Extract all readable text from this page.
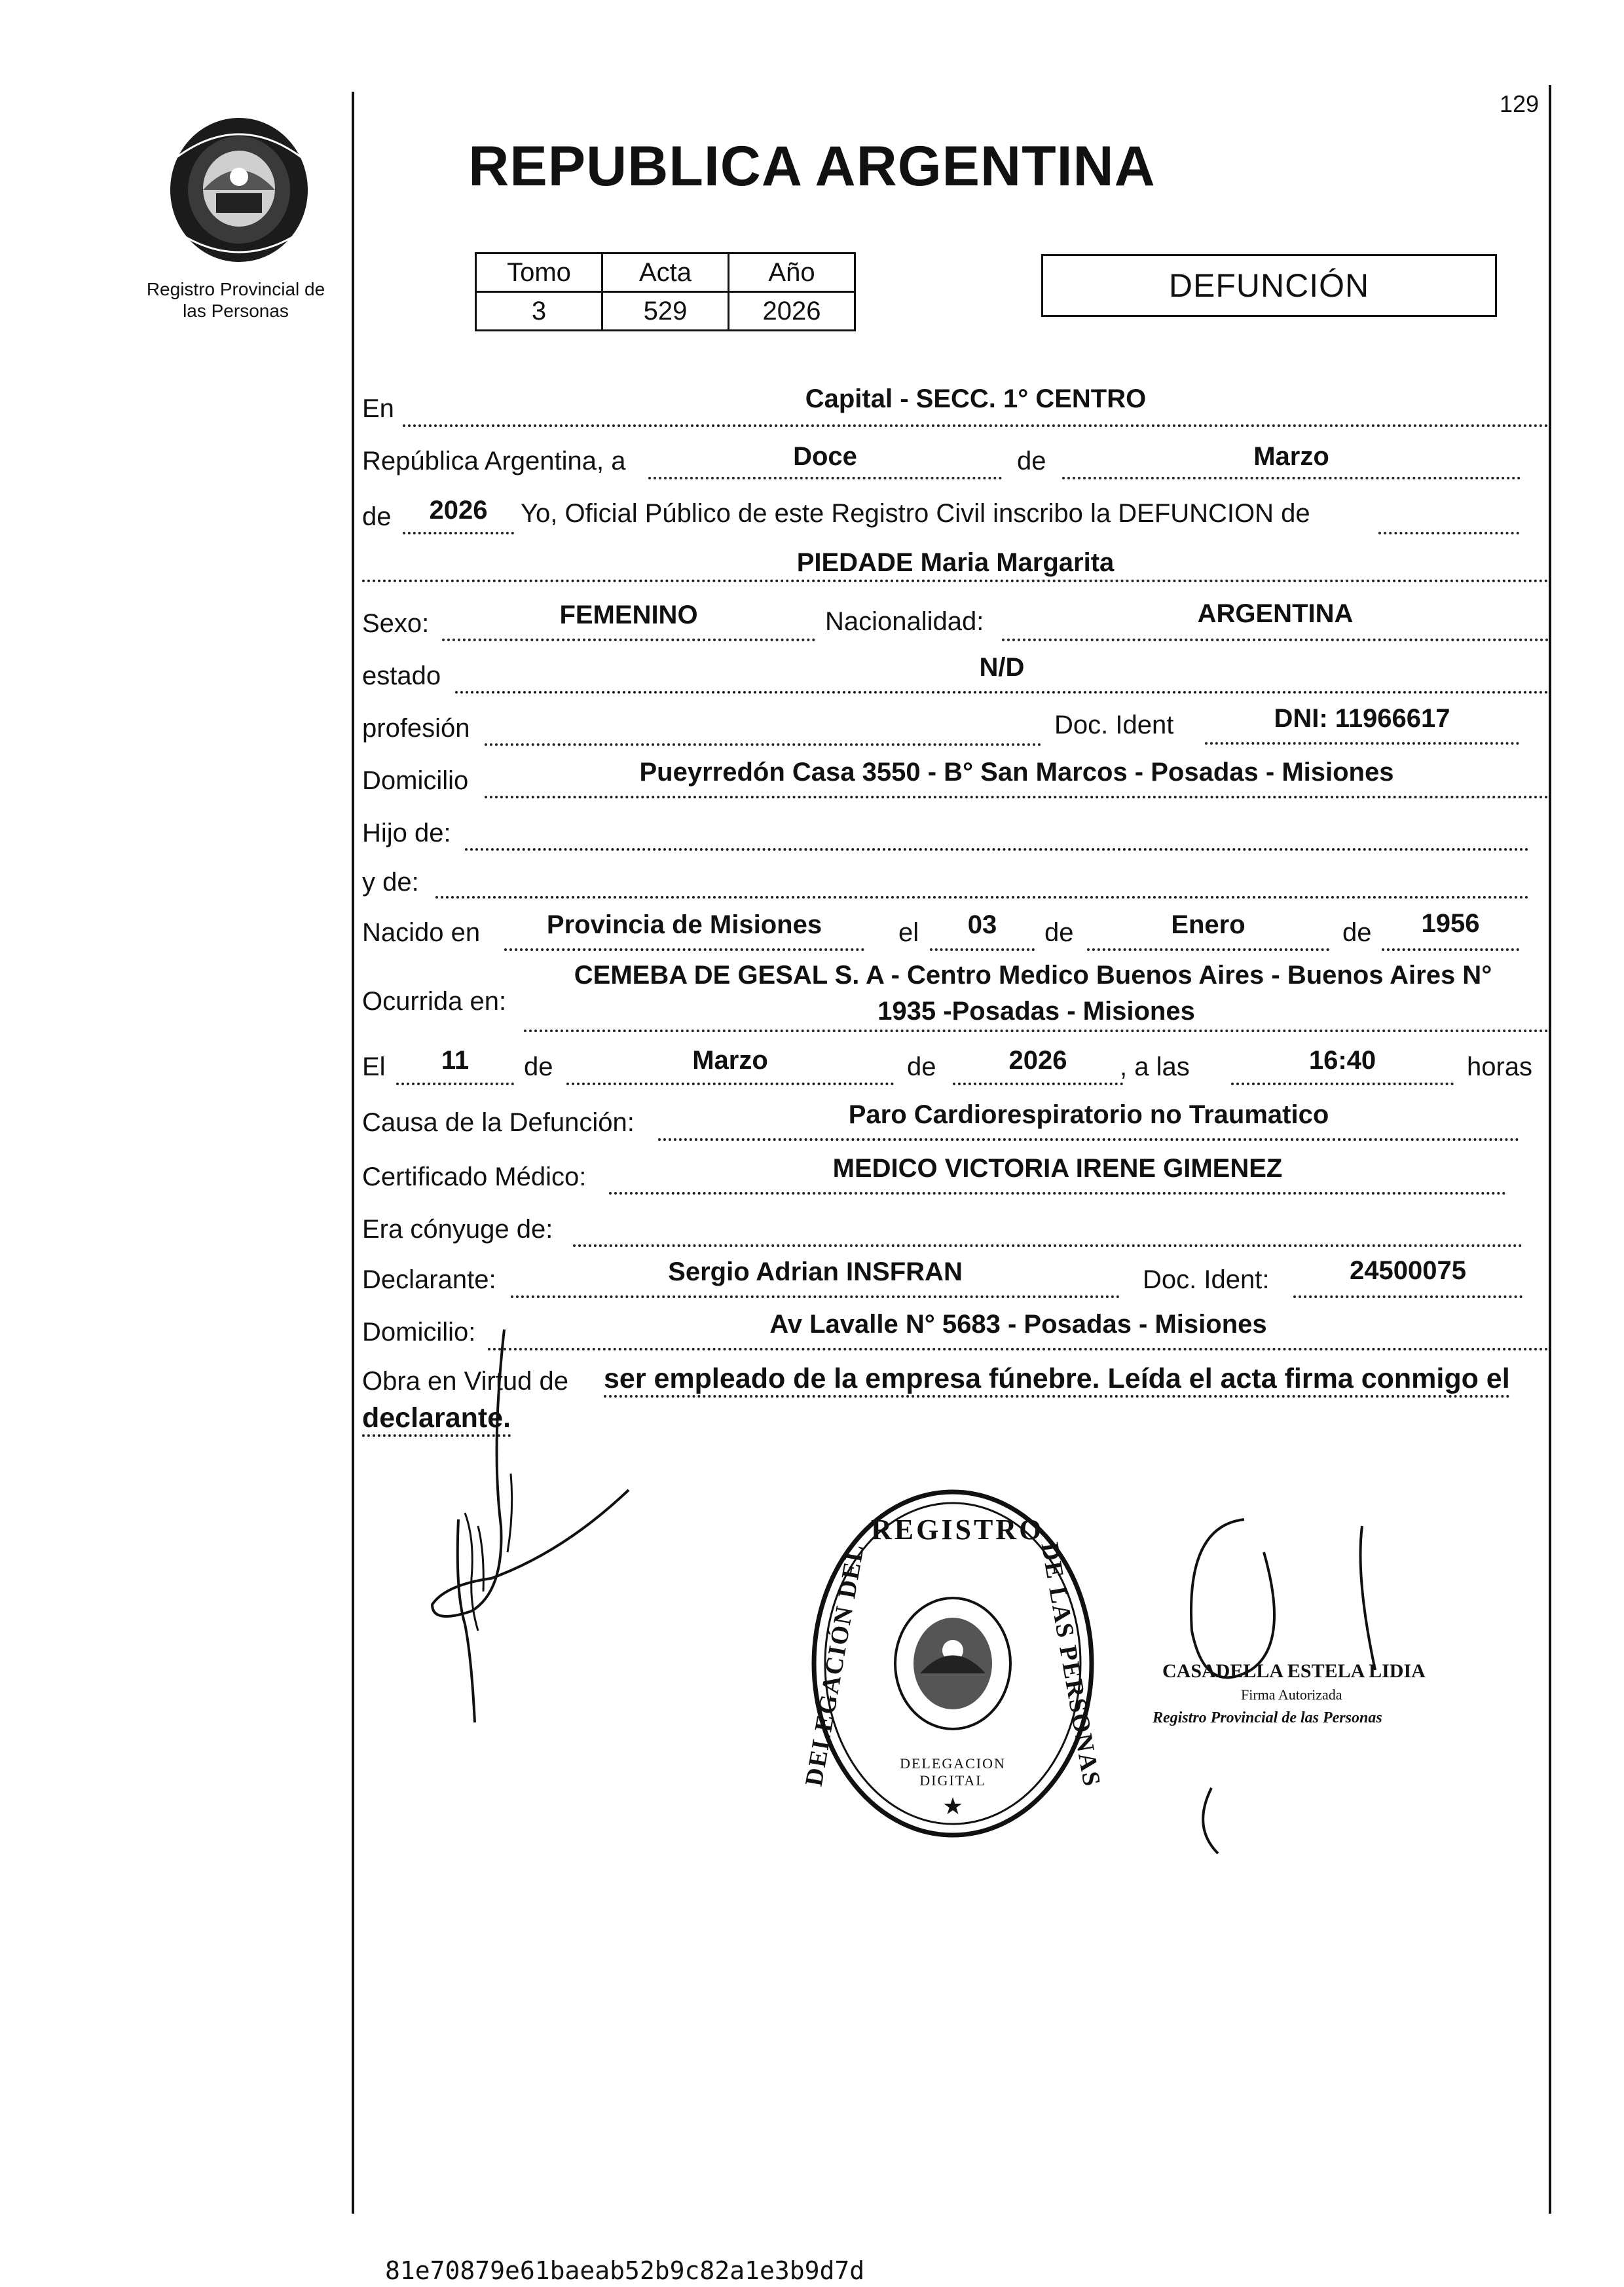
Registro Provincial de
las Personas
129
REPUBLICA ARGENTINA
Tomo	Acta	Año
3	529	2026
DEFUNCIÓN
En	Capital - SECC. 1° CENTRO
República Argentina, a	Doce	de	Marzo
de	2026	Yo, Oficial Público de este Registro Civil inscribo la DEFUNCION de
PIEDADE Maria Margarita
Sexo:	FEMENINO	Nacionalidad:	ARGENTINA
estado	N/D
profesión	Doc. Ident	DNI: 11966617
Domicilio	Pueyrredón Casa 3550 - B° San Marcos - Posadas - Misiones
Hijo de:
y de:
Nacido en	Provincia de Misiones	el	03	de	Enero	de	1956
Ocurrida en:
CEMEBA DE GESAL S. A - Centro Medico Buenos Aires - Buenos Aires N°
1935 -Posadas - Misiones
El	11	de	Marzo	de	2026	, a las	16:40	horas
Causa de la Defunción:	Paro Cardiorespiratorio no Traumatico
Certificado Médico:	MEDICO VICTORIA IRENE GIMENEZ
Era cónyuge de:
Declarante:	Sergio Adrian INSFRAN	Doc. Ident:	24500075
Domicilio:	Av Lavalle N° 5683 - Posadas - Misiones
Obra en Virtud de ser empleado de la empresa fúnebre. Leída el acta firma conmigo el
declarante.
★
REGISTRO
DELEGACIÓN DEL	DE LAS PERSONAS
DELEGACION DIGITAL
CASADELLA ESTELA LIDIA
Firma Autorizada
Registro Provincial de las Personas
81e70879e61baeab52b9c82a1e3b9d7d
